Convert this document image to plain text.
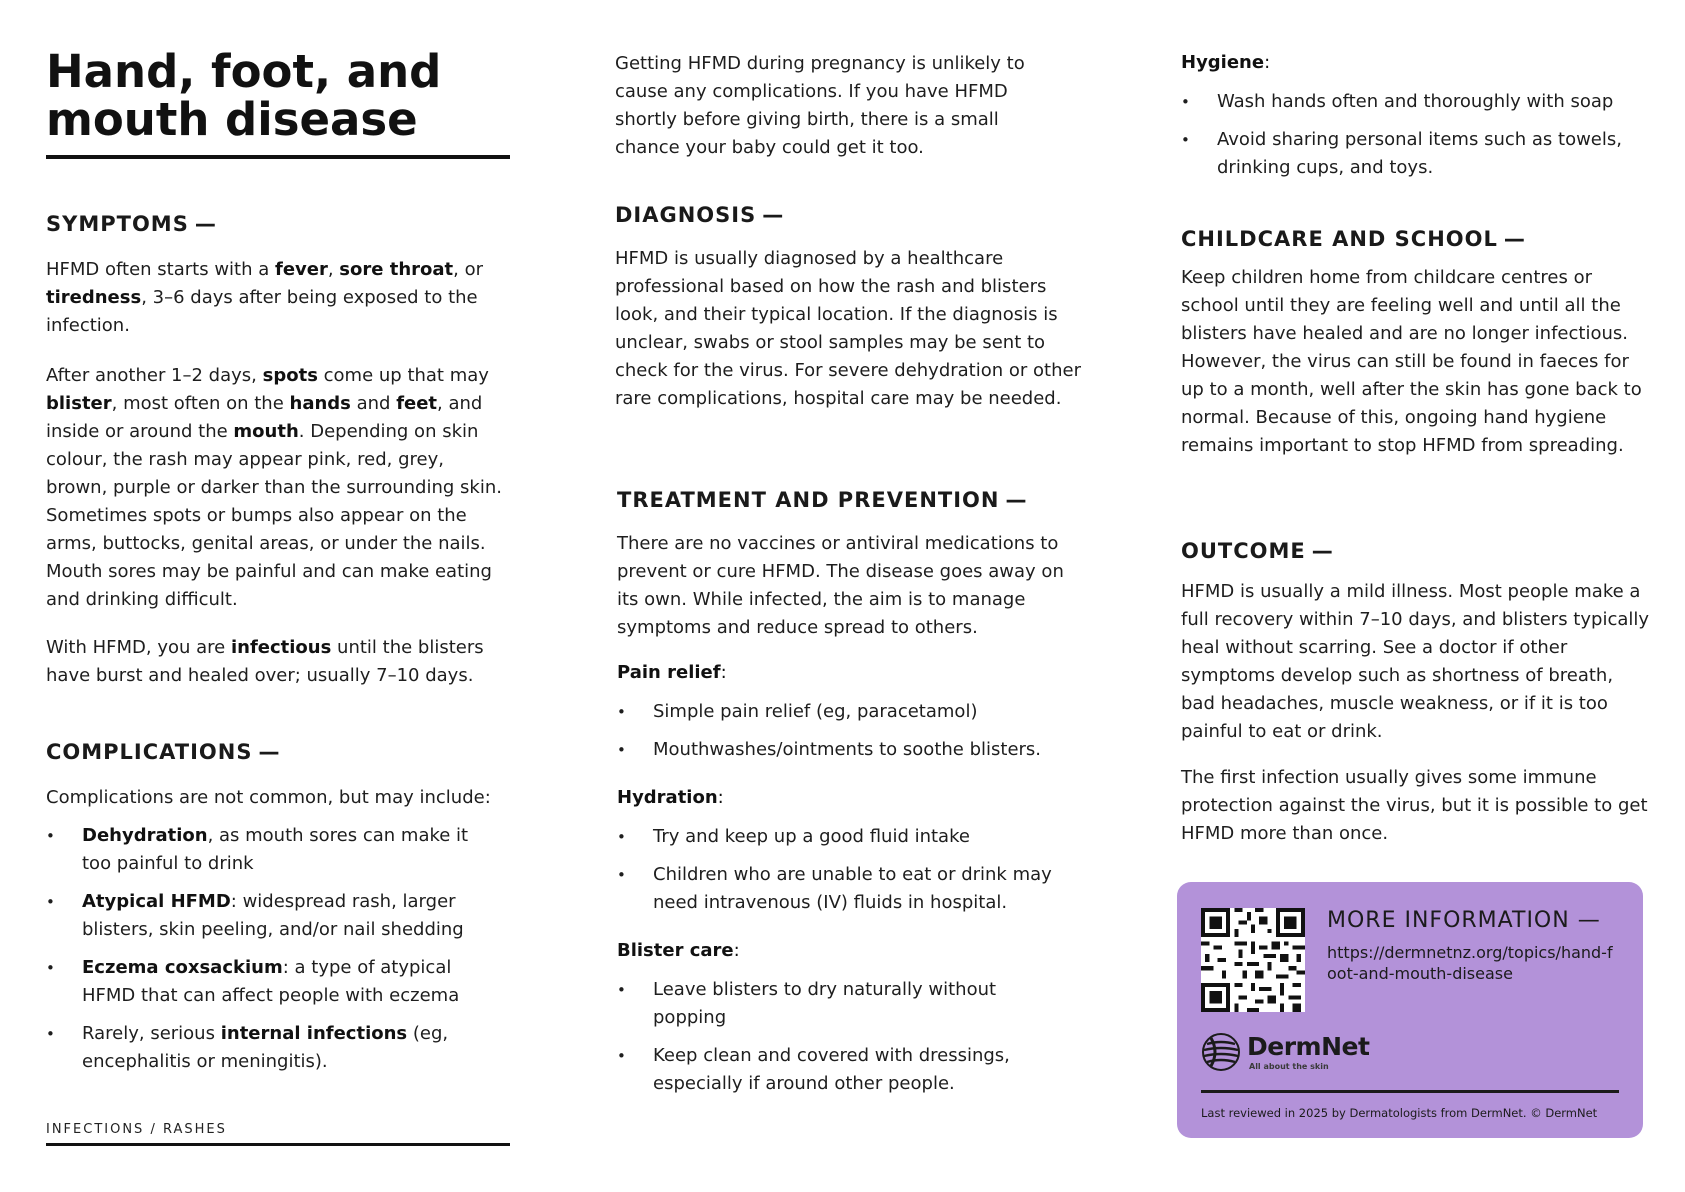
Hand, foot, and mouth disease
SYMPTOMS —
HFMD often starts with a fever, sore throat, or tiredness, 3–6 days after being exposed to the infection.
After another 1–2 days, spots come up that may blister, most often on the hands and feet, and inside or around the mouth. Depending on skin colour, the rash may appear pink, red, grey, brown, purple or darker than the surrounding skin. Sometimes spots or bumps also appear on the arms, buttocks, genital areas, or under the nails. Mouth sores may be painful and can make eating and drinking difficult.
With HFMD, you are infectious until the blisters have burst and healed over; usually 7–10 days.
COMPLICATIONS —
Complications are not common, but may include:
• Dehydration, as mouth sores can make it too painful to drink
• Atypical HFMD: widespread rash, larger blisters, skin peeling, and/or nail shedding
• Eczema coxsackium: a type of atypical HFMD that can affect people with eczema
• Rarely, serious internal infections (eg, encephalitis or meningitis).
INFECTIONS / RASHES
Getting HFMD during pregnancy is unlikely to cause any complications. If you have HFMD shortly before giving birth, there is a small chance your baby could get it too.
DIAGNOSIS —
HFMD is usually diagnosed by a healthcare professional based on how the rash and blisters look, and their typical location. If the diagnosis is unclear, swabs or stool samples may be sent to check for the virus. For severe dehydration or other rare complications, hospital care may be needed.
TREATMENT AND PREVENTION —
There are no vaccines or antiviral medications to prevent or cure HFMD. The disease goes away on its own. While infected, the aim is to manage symptoms and reduce spread to others.
Pain relief:
• Simple pain relief (eg, paracetamol)
• Mouthwashes/ointments to soothe blisters.
Hydration:
• Try and keep up a good fluid intake
• Children who are unable to eat or drink may need intravenous (IV) fluids in hospital.
Blister care:
• Leave blisters to dry naturally without popping
• Keep clean and covered with dressings, especially if around other people.
Hygiene:
• Wash hands often and thoroughly with soap
• Avoid sharing personal items such as towels, drinking cups, and toys.
CHILDCARE AND SCHOOL —
Keep children home from childcare centres or school until they are feeling well and until all the blisters have healed and are no longer infectious. However, the virus can still be found in faeces for up to a month, well after the skin has gone back to normal. Because of this, ongoing hand hygiene remains important to stop HFMD from spreading.
OUTCOME —
HFMD is usually a mild illness. Most people make a full recovery within 7–10 days, and blisters typically heal without scarring. See a doctor if other symptoms develop such as shortness of breath, bad headaches, muscle weakness, or if it is too painful to eat or drink.
The first infection usually gives some immune protection against the virus, but it is possible to get HFMD more than once.
MORE INFORMATION —
https://dermnetnz.org/topics/hand-foot-and-mouth-disease
DermNet
All about the skin
Last reviewed in 2025 by Dermatologists from DermNet. © DermNet
